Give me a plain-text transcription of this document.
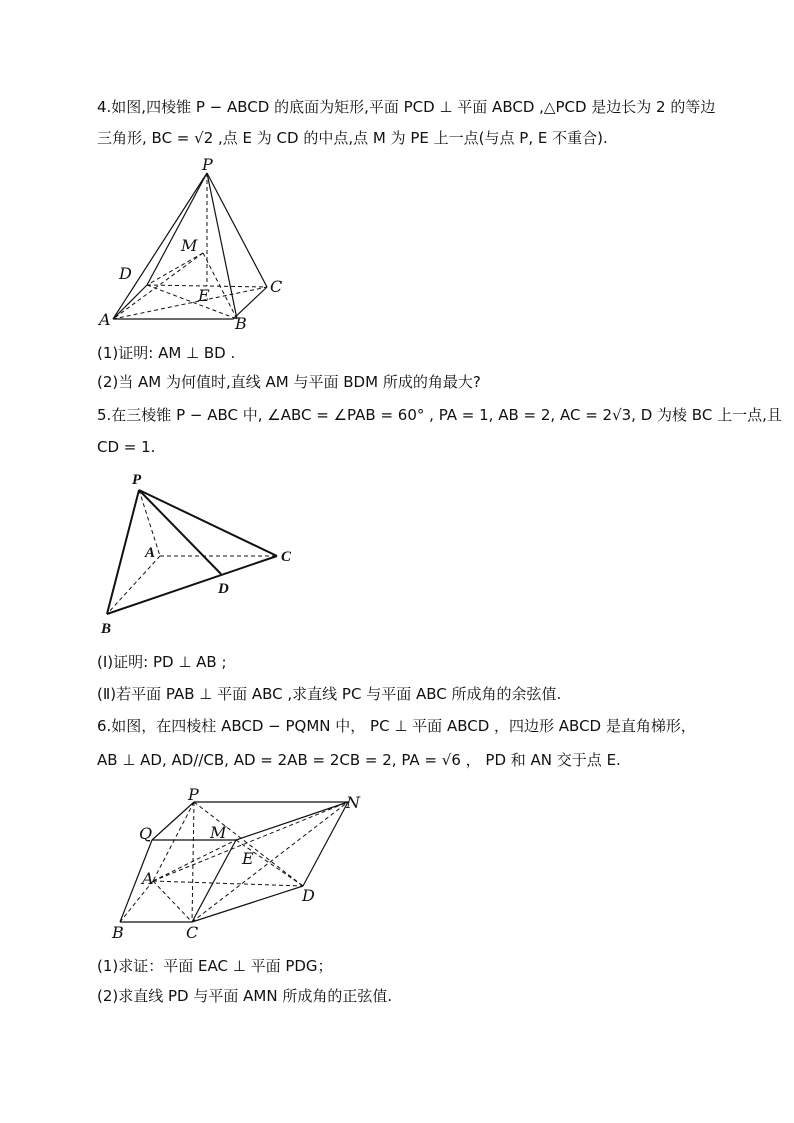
4.如图,四棱锥 P − ABCD 的底面为矩形,平面 PCD ⊥ 平面 ABCD ,△PCD 是边长为 2 的等边
三角形, BC = √2 ,点 E 为 CD 的中点,点 M 为 PE 上一点(与点 P, E 不重合).
P
M
D
E	C
A	B
(1)证明: AM ⊥ BD .
(2)当 AM 为何值时,直线 AM 与平面 BDM 所成的角最大?
5.在三棱锥 P − ABC 中, ∠ABC = ∠PAB = 60° , PA = 1, AB = 2, AC = 2√3, D 为棱 BC 上一点,且
CD = 1.
P
A	C
D
B
(Ⅰ)证明: PD ⊥ AB ;
(Ⅱ)若平面 PAB ⊥ 平面 ABC ,求直线 PC 与平面 ABC 所成角的余弦值.
6.如图，在四棱柱 ABCD − PQMN 中， PC ⊥ 平面 ABCD ，四边形 ABCD 是直角梯形，
AB ⊥ AD, AD//CB, AD = 2AB = 2CB = 2, PA = √6 ， PD 和 AN 交于点 E.
P	N
Q	M
E
A
D
B	C
(1)求证：平面 EAC ⊥ 平面 PDG；
(2)求直线 PD 与平面 AMN 所成角的正弦值.
